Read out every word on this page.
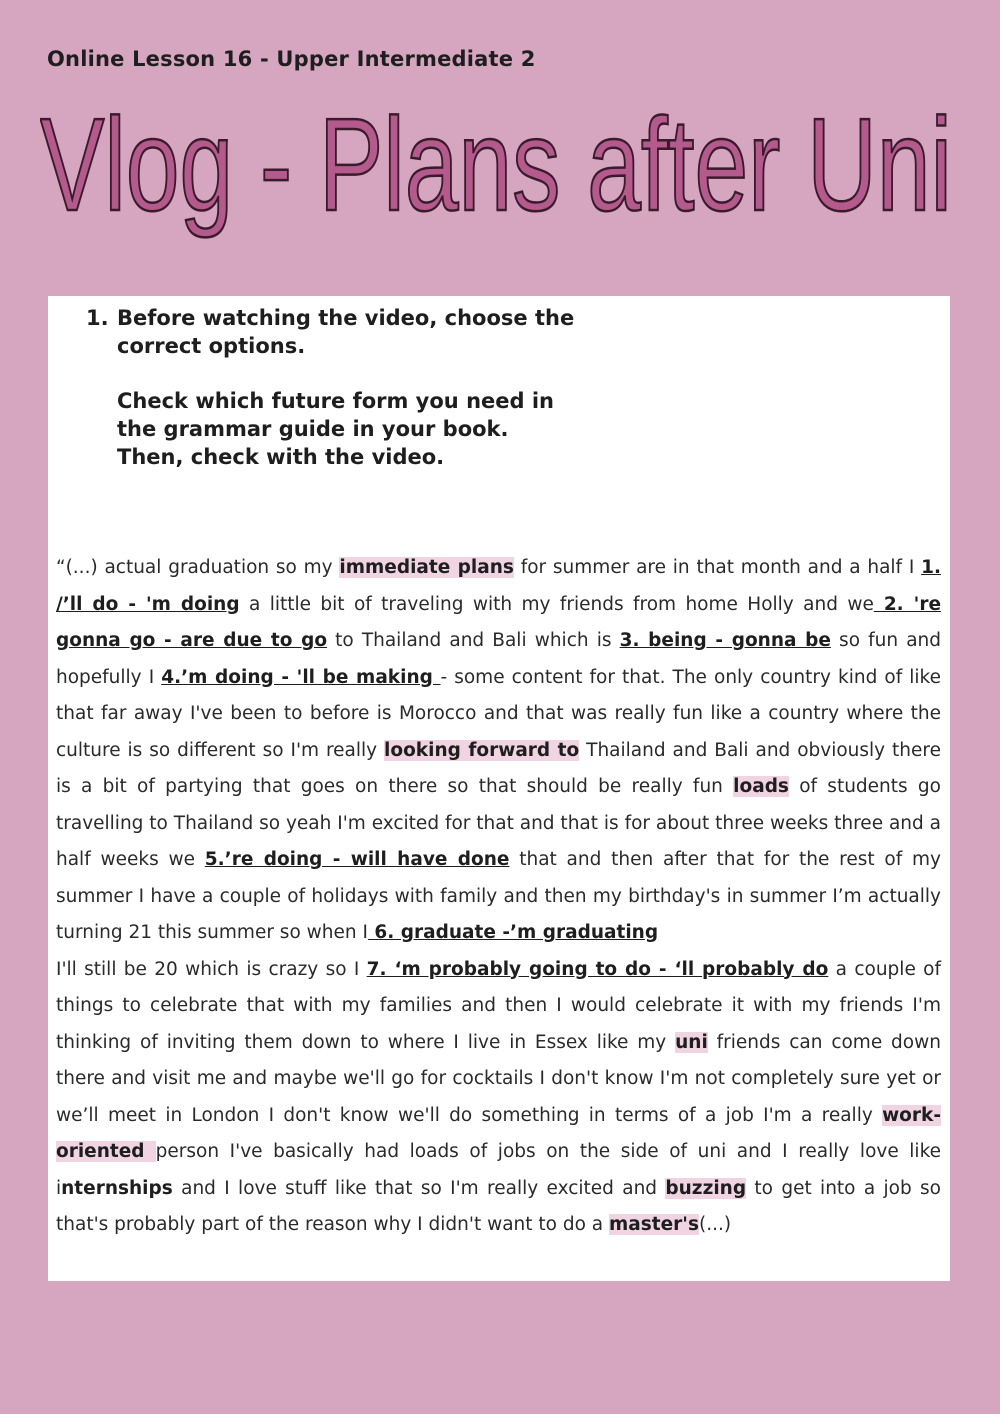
Online Lesson 16 - Upper Intermediate 2
Vlog - Plans after Uni
1. Before watching the video, choose the correct options.

Check which future form you need in the grammar guide in your book. Then, check with the video.

“(...) actual graduation so my immediate plans for summer are in that month and a half I 1. /’ll do - 'm doing a little bit of traveling with my friends from home Holly and we 2. 're gonna go - are due to go to Thailand and Bali which is 3. being - gonna be so fun and hopefully I 4.’m doing - 'll be making - some content for that. The only country kind of like that far away I've been to before is Morocco and that was really fun like a country where the culture is so different so I'm really looking forward to Thailand and Bali and obviously there is a bit of partying that goes on there so that should be really fun loads of students go travelling to Thailand so yeah I'm excited for that and that is for about three weeks three and a half weeks we 5.’re doing - will have done that and then after that for the rest of my summer I have a couple of holidays with family and then my birthday's in summer I’m actually turning 21 this summer so when I 6. graduate -’m graduating
I'll still be 20 which is crazy so I 7. ‘m probably going to do - ‘ll probably do a couple of things to celebrate that with my families and then I would celebrate it with my friends I'm thinking of inviting them down to where I live in Essex like my uni friends can come down there and visit me and maybe we'll go for cocktails I don't know I'm not completely sure yet or we’ll meet in London I don't know we'll do something in terms of a job I'm a really work-oriented person I've basically had loads of jobs on the side of uni and I really love like internships and I love stuff like that so I'm really excited and buzzing to get into a job so that's probably part of the reason why I didn't want to do a master's(...)
